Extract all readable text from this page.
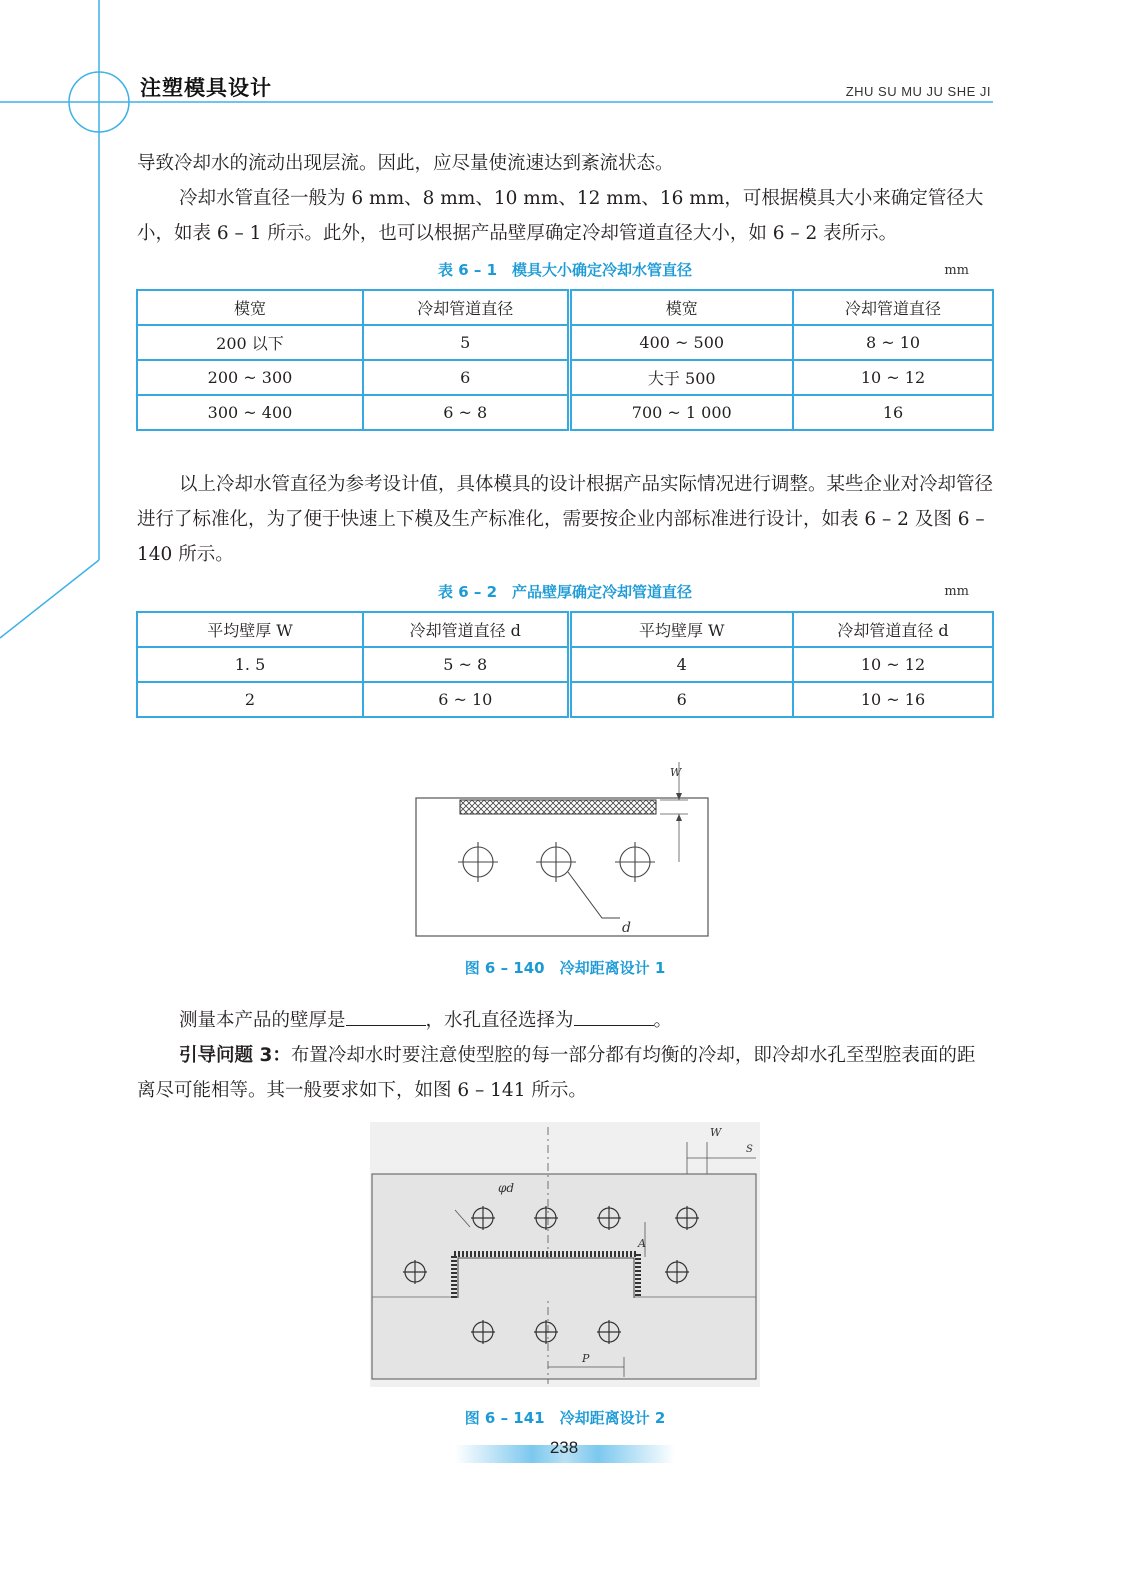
注塑模具设计	ZHU SU MU JU SHE JI

导致冷却水的流动出现层流。因此，应尽量使流速达到紊流状态。

冷却水管直径一般为 6 mm、8 mm、10 mm、12 mm、16 mm，可根据模具大小来确定管径大小，如表 6 – 1 所示。此外，也可以根据产品壁厚确定冷却管道直径大小，如 6 – 2 表所示。

表 6 – 1　模具大小确定冷却水管直径	mm
模宽	冷却管道直径	模宽	冷却管道直径
200 以下	5	400 ~ 500	8 ~ 10
200 ~ 300	6	大于 500	10 ~ 12
300 ~ 400	6 ~ 8	700 ~ 1 000	16

以上冷却水管直径为参考设计值，具体模具的设计根据产品实际情况进行调整。某些企业对冷却管径进行了标准化，为了便于快速上下模及生产标准化，需要按企业内部标准进行设计，如表 6 – 2 及图 6 – 140 所示。

表 6 – 2　产品壁厚确定冷却管道直径	mm
平均壁厚 W	冷却管道直径 d	平均壁厚 W	冷却管道直径 d
1. 5	5 ~ 8	4	10 ~ 12
2	6 ~ 10	6	10 ~ 16
W
d
图 6 – 140　冷却距离设计 1

测量本产品的壁厚是	，水孔直径选择为	。

引导问题 3：布置冷却水时要注意使型腔的每一部分都有均衡的冷却，即冷却水孔至型腔表面的距离尽可能相等。其一般要求如下，如图 6 – 141 所示。

φd
W
S
A
P
图 6 – 141　冷却距离设计 2
238
